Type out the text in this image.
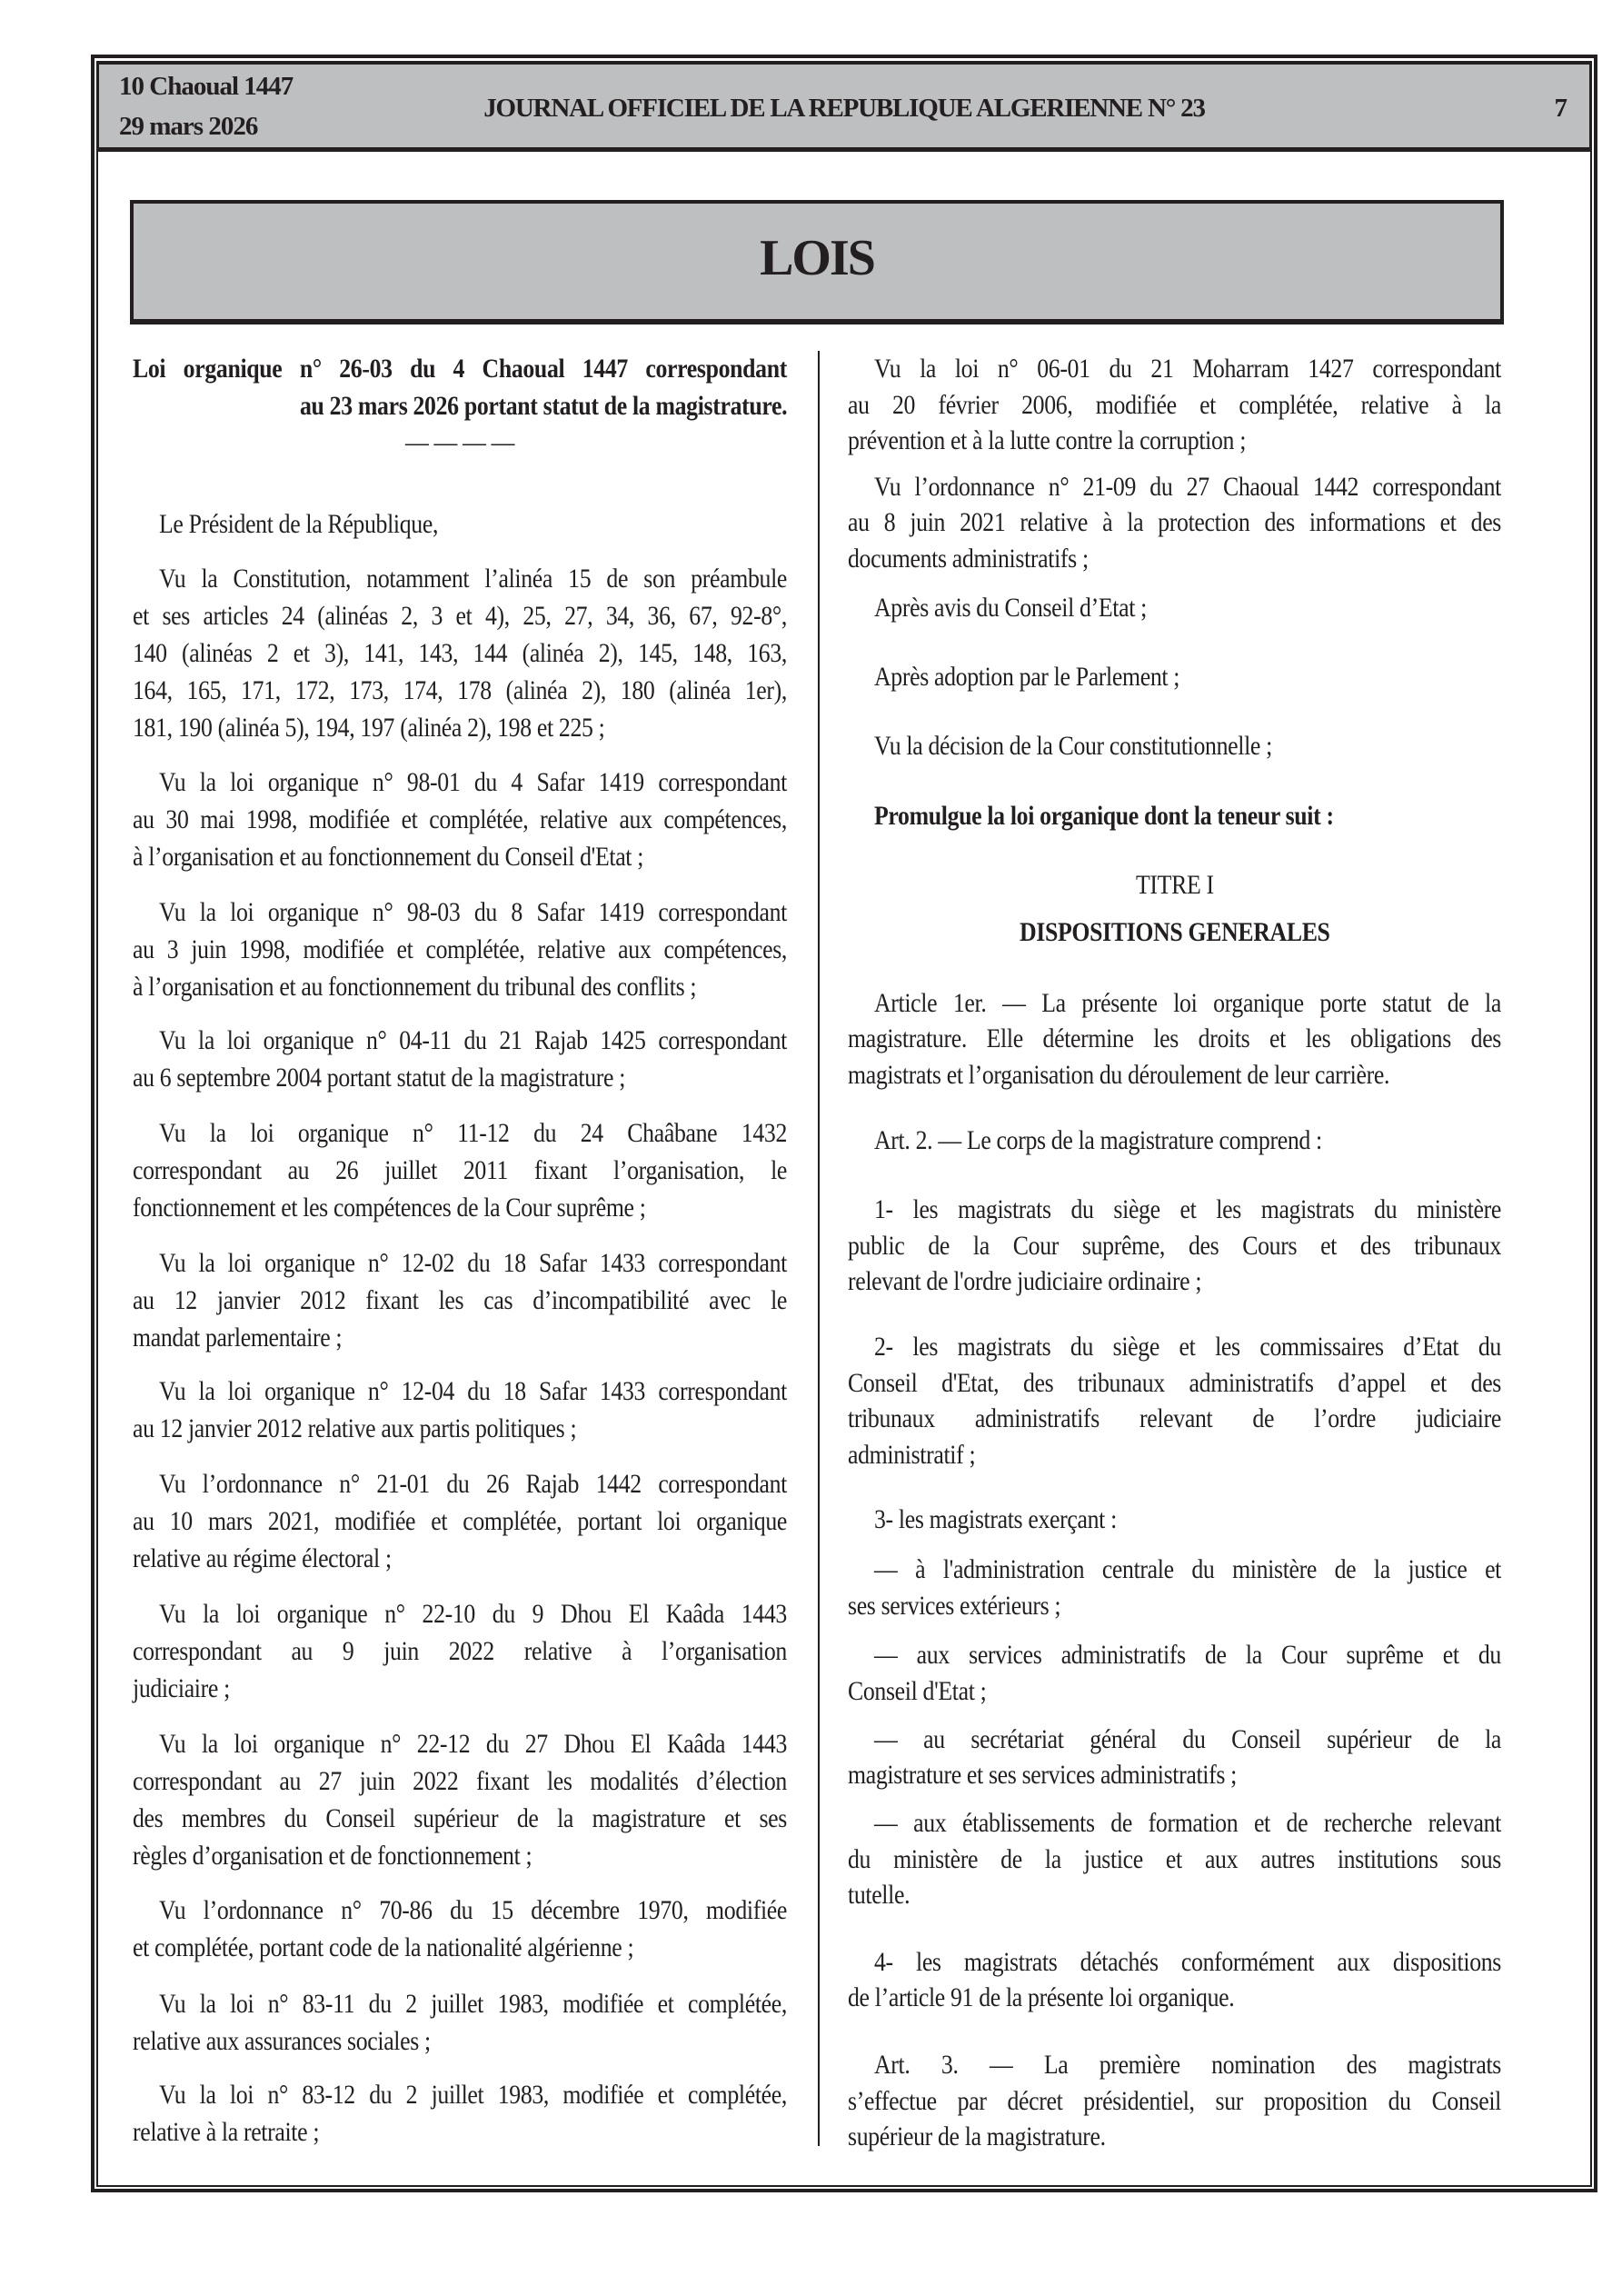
10 Chaoual 1447
29 mars 2026
JOURNAL OFFICIEL DE LA REPUBLIQUE ALGERIENNE N° 23	7
LOIS
Loi organique n° 26-03 du 4 Chaoual 1447 correspondant
au 23 mars 2026 portant statut de la magistrature.
— — — —
Le Président de la République,
Vu la Constitution, notamment l’alinéa 15 de son préambule
et ses articles 24 (alinéas 2, 3 et 4), 25, 27, 34, 36, 67, 92-8°,
140 (alinéas 2 et 3), 141, 143, 144 (alinéa 2), 145, 148, 163,
164, 165, 171, 172, 173, 174, 178 (alinéa 2), 180 (alinéa 1er),
181, 190 (alinéa 5), 194, 197 (alinéa 2), 198 et 225 ;
Vu la loi organique n° 98-01 du 4 Safar 1419 correspondant
au 30 mai 1998, modifiée et complétée, relative aux compétences,
à l’organisation et au fonctionnement du Conseil d'Etat ;
Vu la loi organique n° 98-03 du 8 Safar 1419 correspondant
au 3 juin 1998, modifiée et complétée, relative aux compétences,
à l’organisation et au fonctionnement du tribunal des conflits ;
Vu la loi organique n° 04-11 du 21 Rajab 1425 correspondant
au 6 septembre 2004 portant statut de la magistrature ;
Vu la loi organique n° 11-12 du 24 Chaâbane 1432
correspondant au 26 juillet 2011 fixant l’organisation, le
fonctionnement et les compétences de la Cour suprême ;
Vu la loi organique n° 12-02 du 18 Safar 1433 correspondant
au 12 janvier 2012 fixant les cas d’incompatibilité avec le
mandat parlementaire ;
Vu la loi organique n° 12-04 du 18 Safar 1433 correspondant
au 12 janvier 2012 relative aux partis politiques ;
Vu l’ordonnance n° 21-01 du 26 Rajab 1442 correspondant
au 10 mars 2021, modifiée et complétée, portant loi organique
relative au régime électoral ;
Vu la loi organique n° 22-10 du 9 Dhou El Kaâda 1443
correspondant au 9 juin 2022 relative à l’organisation
judiciaire ;
Vu la loi organique n° 22-12 du 27 Dhou El Kaâda 1443
correspondant au 27 juin 2022 fixant les modalités d’élection
des membres du Conseil supérieur de la magistrature et ses
règles d’organisation et de fonctionnement ;
Vu l’ordonnance n° 70-86 du 15 décembre 1970, modifiée
et complétée, portant code de la nationalité algérienne ;
Vu la loi n° 83-11 du 2 juillet 1983, modifiée et complétée,
relative aux assurances sociales ;
Vu la loi n° 83-12 du 2 juillet 1983, modifiée et complétée,
relative à la retraite ;
Vu la loi n° 06-01 du 21 Moharram 1427 correspondant
au 20 février 2006, modifiée et complétée, relative à la
prévention et à la lutte contre la corruption ;
Vu l’ordonnance n° 21-09 du 27 Chaoual 1442 correspondant
au 8 juin 2021 relative à la protection des informations et des
documents administratifs ;
Après avis du Conseil d’Etat ;
Après adoption par le Parlement ;
Vu la décision de la Cour constitutionnelle ;
Promulgue la loi organique dont la teneur suit :
TITRE I
DISPOSITIONS GENERALES
Article 1er. — La présente loi organique porte statut de la
magistrature. Elle détermine les droits et les obligations des
magistrats et l’organisation du déroulement de leur carrière.
Art. 2. — Le corps de la magistrature comprend :
1- les magistrats du siège et les magistrats du ministère
public de la Cour suprême, des Cours et des tribunaux
relevant de l'ordre judiciaire ordinaire ;
2- les magistrats du siège et les commissaires d’Etat du
Conseil d'Etat, des tribunaux administratifs d’appel et des
tribunaux administratifs relevant de l’ordre judiciaire
administratif ;
3- les magistrats exerçant :
— à l'administration centrale du ministère de la justice et
ses services extérieurs ;
— aux services administratifs de la Cour suprême et du
Conseil d'Etat ;
— au secrétariat général du Conseil supérieur de la
magistrature et ses services administratifs ;
— aux établissements de formation et de recherche relevant
du ministère de la justice et aux autres institutions sous
tutelle.
4- les magistrats détachés conformément aux dispositions
de l’article 91 de la présente loi organique.
Art. 3. — La première nomination des magistrats
s’effectue par décret présidentiel, sur proposition du Conseil
supérieur de la magistrature.
